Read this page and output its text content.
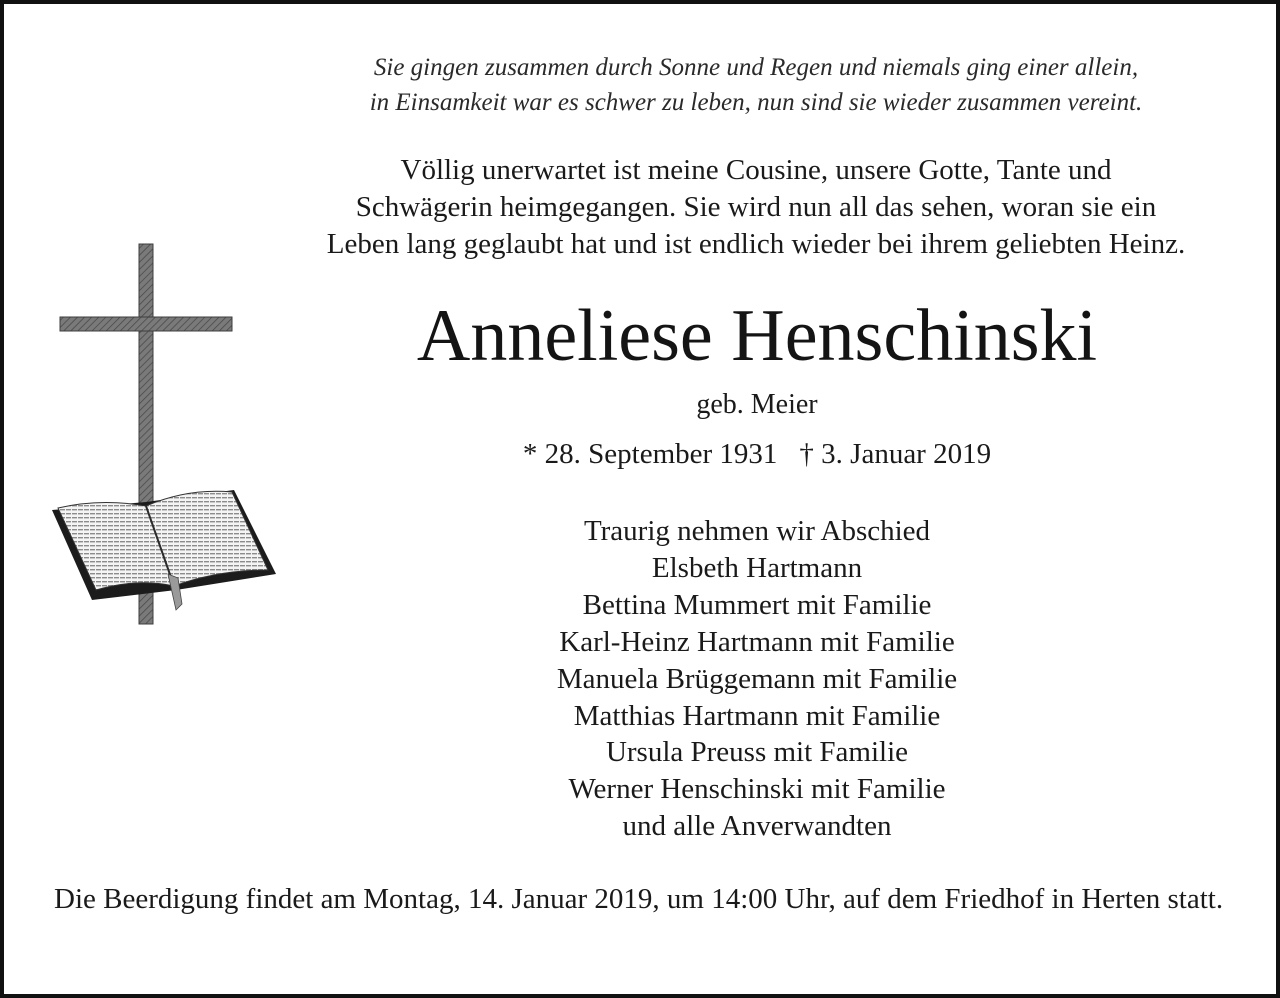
Sie gingen zusammen durch Sonne und Regen und niemals ging einer allein,
in Einsamkeit war es schwer zu leben, nun sind sie wieder zusammen vereint.
Völlig unerwartet ist meine Cousine, unsere Gotte, Tante und
Schwägerin heimgegangen. Sie wird nun all das sehen, woran sie ein
Leben lang geglaubt hat und ist endlich wieder bei ihrem geliebten Heinz.
Anneliese Henschinski
geb. Meier
* 28. September 1931 † 3. Januar 2019
Traurig nehmen wir Abschied
Elsbeth Hartmann
Bettina Mummert mit Familie
Karl-Heinz Hartmann mit Familie
Manuela Brüggemann mit Familie
Matthias Hartmann mit Familie
Ursula Preuss mit Familie
Werner Henschinski mit Familie
und alle Anverwandten
Die Beerdigung findet am Montag, 14. Januar 2019, um 14:00 Uhr, auf dem Friedhof in Herten statt.
